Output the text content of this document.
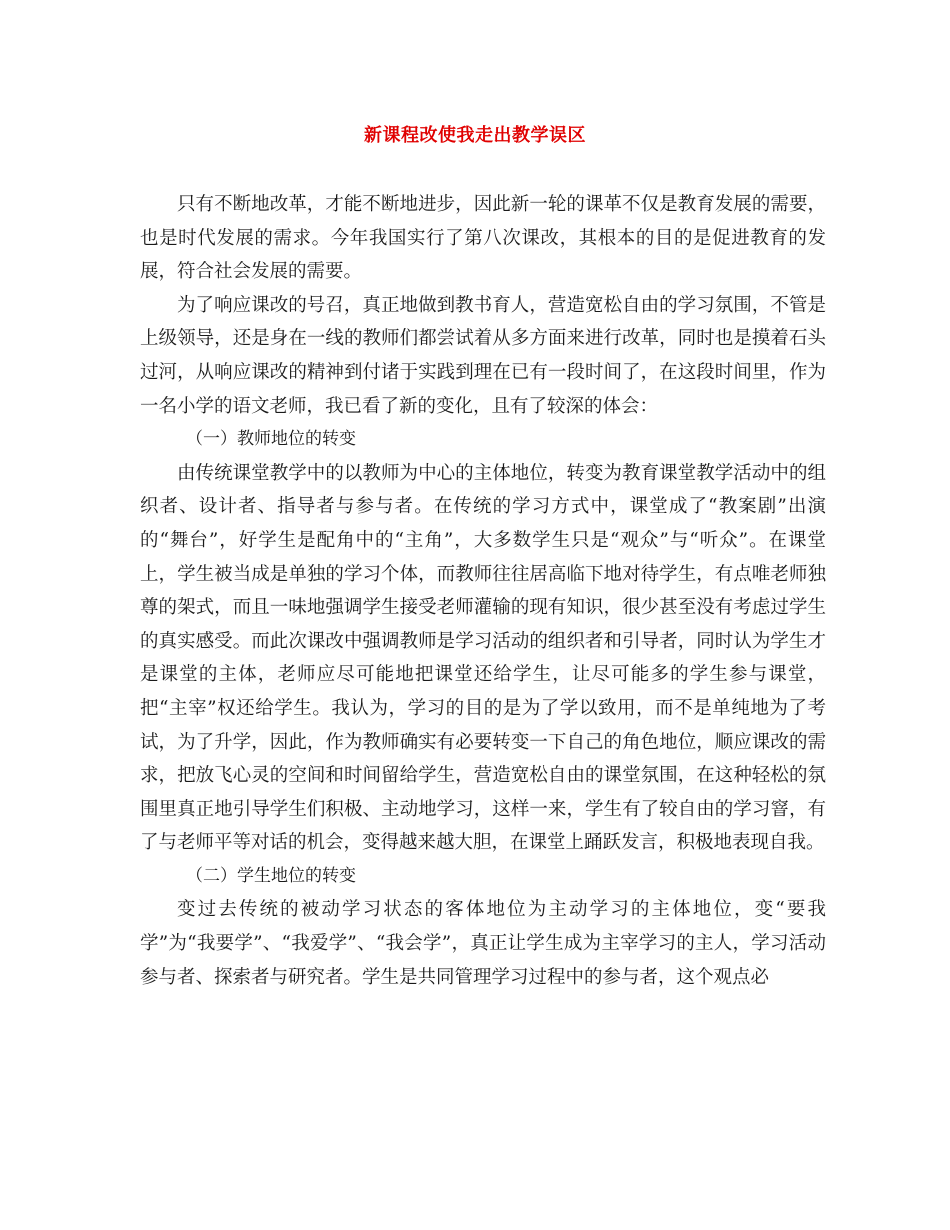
新课程改使我走出教学误区

只有不断地改革，才能不断地进步，因此新一轮的课革不仅是教育发展的需要，也是时代发展的需求。今年我国实行了第八次课改，其根本的目的是促进教育的发展，符合社会发展的需要。

为了响应课改的号召，真正地做到教书育人，营造宽松自由的学习氛围，不管是上级领导，还是身在一线的教师们都尝试着从多方面来进行改革，同时也是摸着石头过河，从响应课改的精神到付诸于实践到理在已有一段时间了，在这段时间里，作为一名小学的语文老师，我已看了新的变化，且有了较深的体会：

（一）教师地位的转变

由传统课堂教学中的以教师为中心的主体地位，转变为教育课堂教学活动中的组织者、设计者、指导者与参与者。在传统的学习方式中，课堂成了“教案剧”出演的“舞台”，好学生是配角中的“主角”，大多数学生只是“观众”与“听众”。在课堂上，学生被当成是单独的学习个体，而教师往往居高临下地对待学生，有点唯老师独尊的架式，而且一味地强调学生接受老师灌输的现有知识，很少甚至没有考虑过学生的真实感受。而此次课改中强调教师是学习活动的组织者和引导者，同时认为学生才是课堂的主体，老师应尽可能地把课堂还给学生，让尽可能多的学生参与课堂，把“主宰”权还给学生。我认为，学习的目的是为了学以致用，而不是单纯地为了考试，为了升学，因此，作为教师确实有必要转变一下自己的角色地位，顺应课改的需求，把放飞心灵的空间和时间留给学生，营造宽松自由的课堂氛围，在这种轻松的氛围里真正地引导学生们积极、主动地学习，这样一来，学生有了较自由的学习窨，有了与老师平等对话的机会，变得越来越大胆，在课堂上踊跃发言，积极地表现自我。

（二）学生地位的转变

变过去传统的被动学习状态的客体地位为主动学习的主体地位，变“要我学”为“我要学”、“我爱学”、“我会学”，真正让学生成为主宰学习的主人，学习活动参与者、探索者与研究者。学生是共同管理学习过程中的参与者，这个观点必
